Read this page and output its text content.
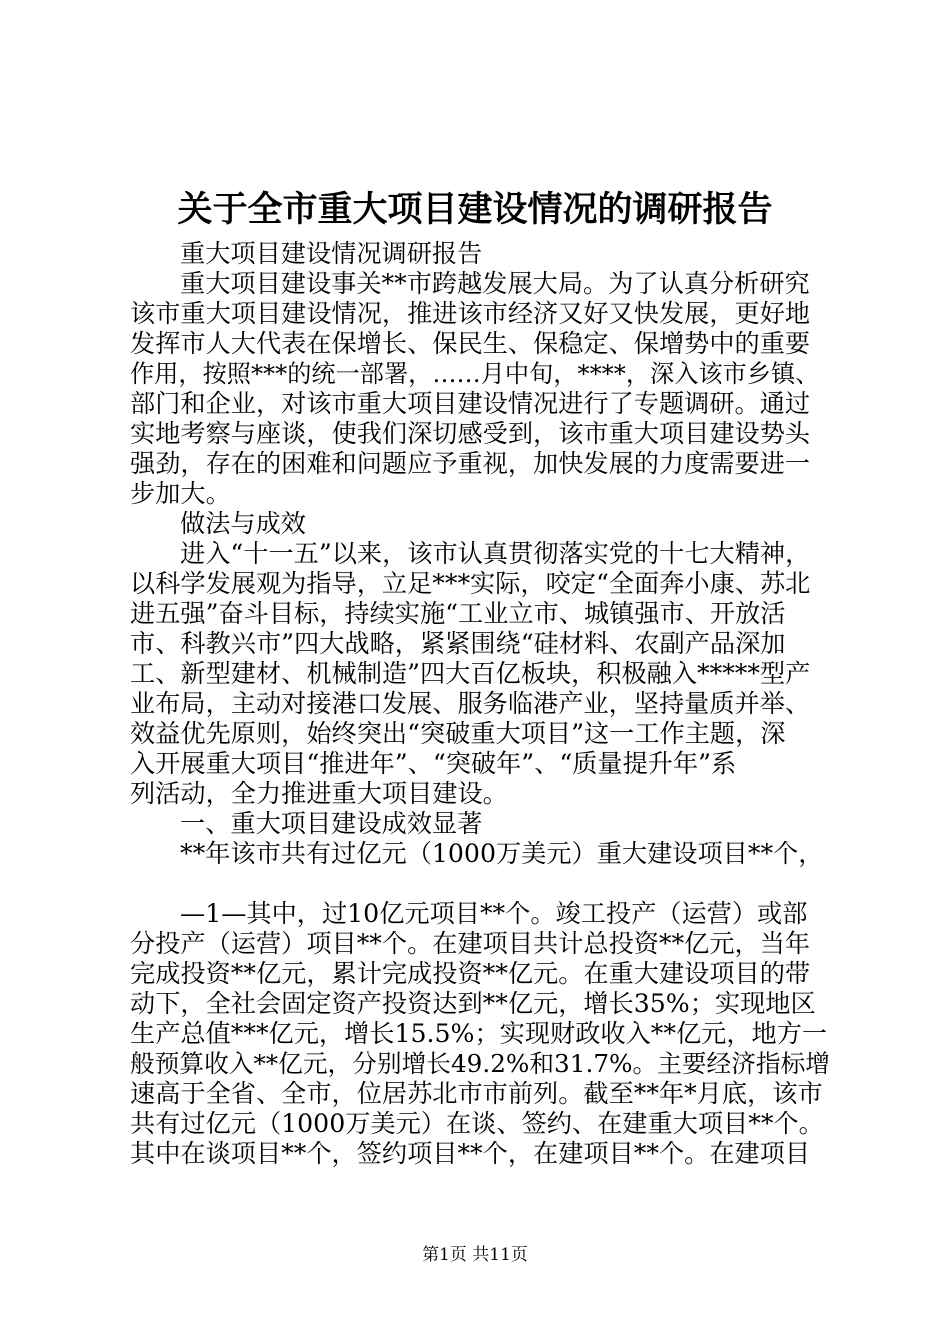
关于全市重大项目建设情况的调研报告
重大项目建设情况调研报告
重大项目建设事关**市跨越发展大局。为了认真分析研究
该市重大项目建设情况，推进该市经济又好又快发展，更好地
发挥市人大代表在保增长、保民生、保稳定、保增势中的重要
作用，按照***的统一部署，……月中旬，****，深入该市乡镇、
部门和企业，对该市重大项目建设情况进行了专题调研。通过
实地考察与座谈，使我们深切感受到，该市重大项目建设势头
强劲，存在的困难和问题应予重视，加快发展的力度需要进一
步加大。
做法与成效
进入“十一五”以来，该市认真贯彻落实党的十七大精神，
以科学发展观为指导，立足***实际，咬定“全面奔小康、苏北
进五强”奋斗目标，持续实施“工业立市、城镇强市、开放活
市、科教兴市”四大战略，紧紧围绕“硅材料、农副产品深加
工、新型建材、机械制造”四大百亿板块，积极融入*****型产
业布局，主动对接港口发展、服务临港产业，坚持量质并举、
效益优先原则，始终突出“突破重大项目”这一工作主题，深
入开展重大项目“推进年”、“突破年”、“质量提升年”系
列活动，全力推进重大项目建设。
一、重大项目建设成效显著
**年该市共有过亿元（1000万美元）重大建设项目**个，
—1—其中，过10亿元项目**个。竣工投产（运营）或部
分投产（运营）项目**个。在建项目共计总投资**亿元，当年
完成投资**亿元，累计完成投资**亿元。在重大建设项目的带
动下，全社会固定资产投资达到**亿元，增长35%；实现地区
生产总值***亿元，增长15.5%；实现财政收入**亿元，地方一
般预算收入**亿元，分别增长49.2%和31.7%。主要经济指标增
速高于全省、全市，位居苏北市市前列。截至**年*月底，该市
共有过亿元（1000万美元）在谈、签约、在建重大项目**个。
其中在谈项目**个，签约项目**个，在建项目**个。在建项目
第1页 共11页
